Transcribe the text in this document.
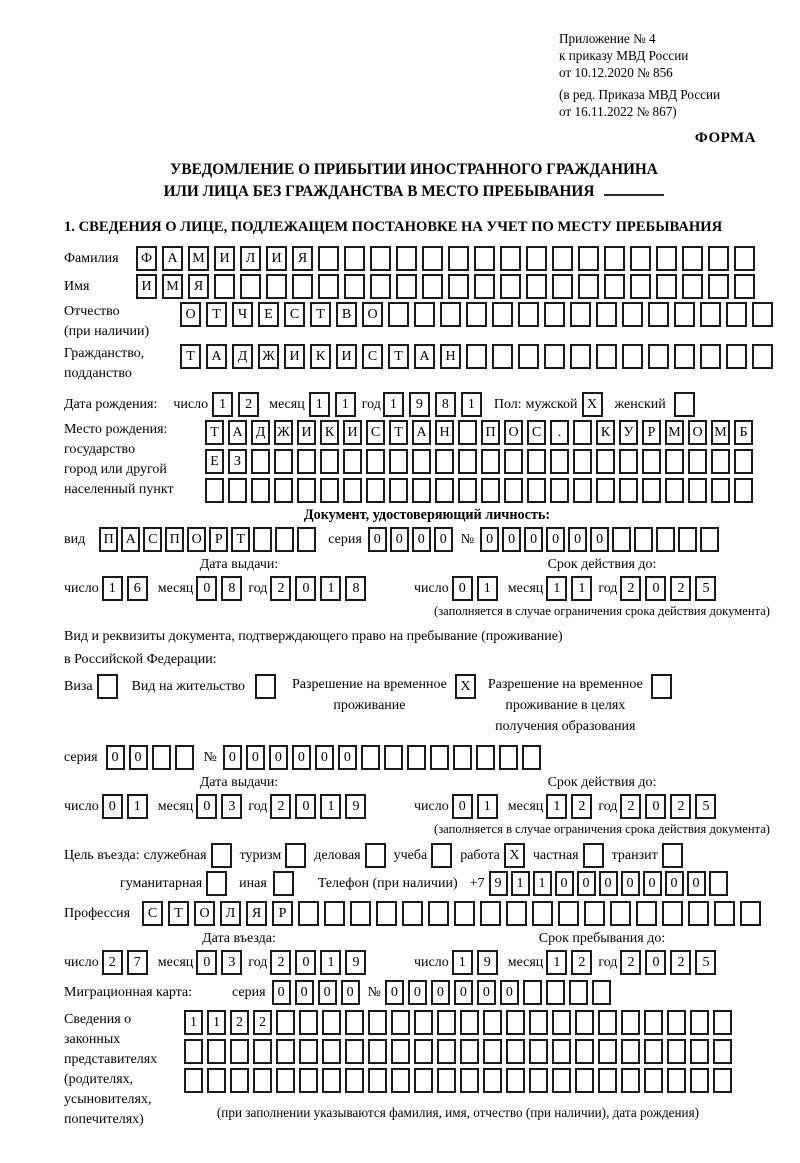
Приложение № 4
к приказу МВД России
от 10.12.2020 № 856
(в ред. Приказа МВД России
от 16.11.2022 № 867)
ФОРМА
УВЕДОМЛЕНИЕ О ПРИБЫТИИ ИНОСТРАННОГО ГРАЖДАНИНА
ИЛИ ЛИЦА БЕЗ ГРАЖДАНСТВА В МЕСТО ПРЕБЫВАНИЯ
1. СВЕДЕНИЯ О ЛИЦЕ, ПОДЛЕЖАЩЕМ ПОСТАНОВКЕ НА УЧЕТ ПО МЕСТУ ПРЕБЫВАНИЯ
Фамилия	Ф	А	М	И	Л	И	Я
Имя	И	М	Я
Отчество
(при наличии)
О	Т	Ч	Е	С	Т	В	О
Гражданство,
подданство
Т	А	Д	Ж	И	К	И	С	Т	А	Н
Дата рождения: число 1	2	месяц 1	1 год 1	9	8	1	Пол: мужской X	женский
Место рождения:
государство
город или другой
населенный пункт
Т А Д Ж И К И С	Т А Н	П О С	.	К У	Р М О М Б
Е	З
Документ, удостоверяющий личность:
вид	П А С П О Р Т	серия 0	0	0	0	№ 0	0	0	0	0	0
Дата выдачи:
число 1	6	месяц 0	8 год 2	0	1	8
Срок действия до:
число 0	1	месяц 1	1 год 2	0	2	5
(заполняется в случае ограничения срока действия документа)
Вид и реквизиты документа, подтверждающего право на пребывание (проживание)
в Российской Федерации:
Виза	Вид на жительство	Разрешение на временное
проживание
X	Разрешение на временное
проживание в целях
получения образования
серия	0	0	№ 0	0	0	0	0	0
Дата выдачи:
число 0	1	месяц 0	3 год 2	0	1	9
Срок действия до:
число 0	1	месяц 1	2 год 2	0	2	5
(заполняется в случае ограничения срока действия документа)
Цель въезда: служебная туризм деловая учеба работа X частная транзит
гуманитарная	иная	Телефон (при наличии) +7 9	1	1	0	0	0	0	0	0	0
Профессия	С	Т	О	Л	Я	Р
Дата въезда:
число 2	7	месяц 0	3 год 2	0	1	9
Срок пребывания до:
число 1	9	месяц 1	2 год 2	0	2	5
Миграционная карта:	серия 0	0	0	0	№ 0	0	0	0	0	0
Сведения о
законных
представителях
(родителях,
усыновителях,
попечителях)
1	1	2	2
(при заполнении указываются фамилия, имя, отчество (при наличии), дата рождения)
